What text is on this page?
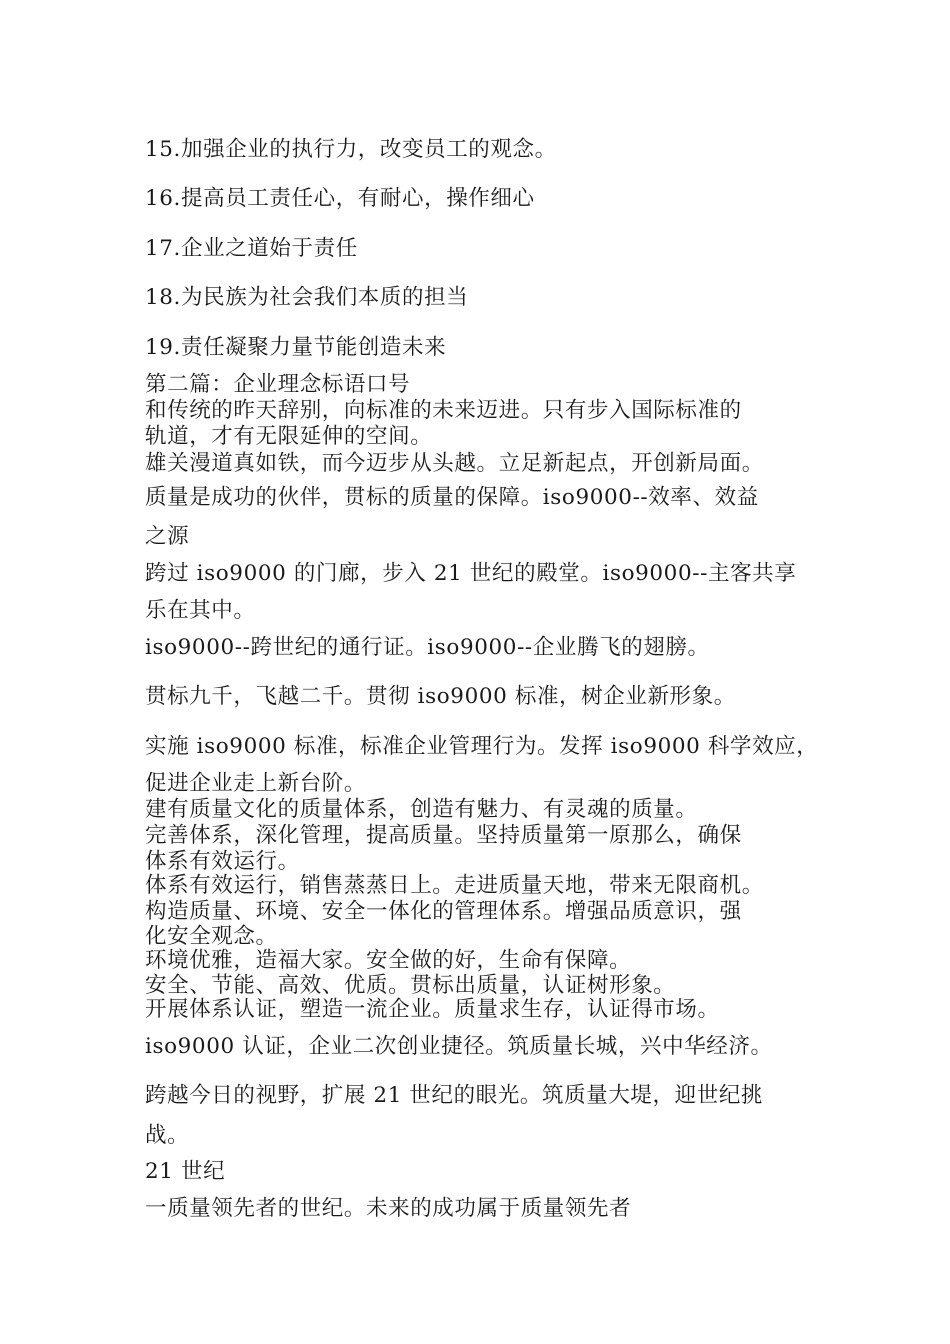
15.加强企业的执行力，改变员工的观念。
16.提高员工责任心，有耐心，操作细心
17.企业之道始于责任
18.为民族为社会我们本质的担当
19.责任凝聚力量节能创造未来
第二篇：企业理念标语口号
和传统的昨天辞别，向标准的未来迈进。只有步入国际标准的
轨道，才有无限延伸的空间。
雄关漫道真如铁，而今迈步从头越。立足新起点，开创新局面。
质量是成功的伙伴，贯标的质量的保障。iso9000--效率、效益
之源
跨过 iso9000 的门廊，步入 21 世纪的殿堂。iso9000--主客共享
乐在其中。
iso9000--跨世纪的通行证。iso9000--企业腾飞的翅膀。
贯标九千，飞越二千。贯彻 iso9000 标准，树企业新形象。
实施 iso9000 标准，标准企业管理行为。发挥 iso9000 科学效应，
促进企业走上新台阶。
建有质量文化的质量体系，创造有魅力、有灵魂的质量。
完善体系，深化管理，提高质量。坚持质量第一原那么，确保
体系有效运行。
体系有效运行，销售蒸蒸日上。走进质量天地，带来无限商机。
构造质量、环境、安全一体化的管理体系。增强品质意识，强
化安全观念。
环境优雅，造福大家。安全做的好，生命有保障。
安全、节能、高效、优质。贯标出质量，认证树形象。
开展体系认证，塑造一流企业。质量求生存，认证得市场。
iso9000 认证，企业二次创业捷径。筑质量长城，兴中华经济。
跨越今日的视野，扩展 21 世纪的眼光。筑质量大堤，迎世纪挑
战。
21 世纪
一质量领先者的世纪。未来的成功属于质量领先者
